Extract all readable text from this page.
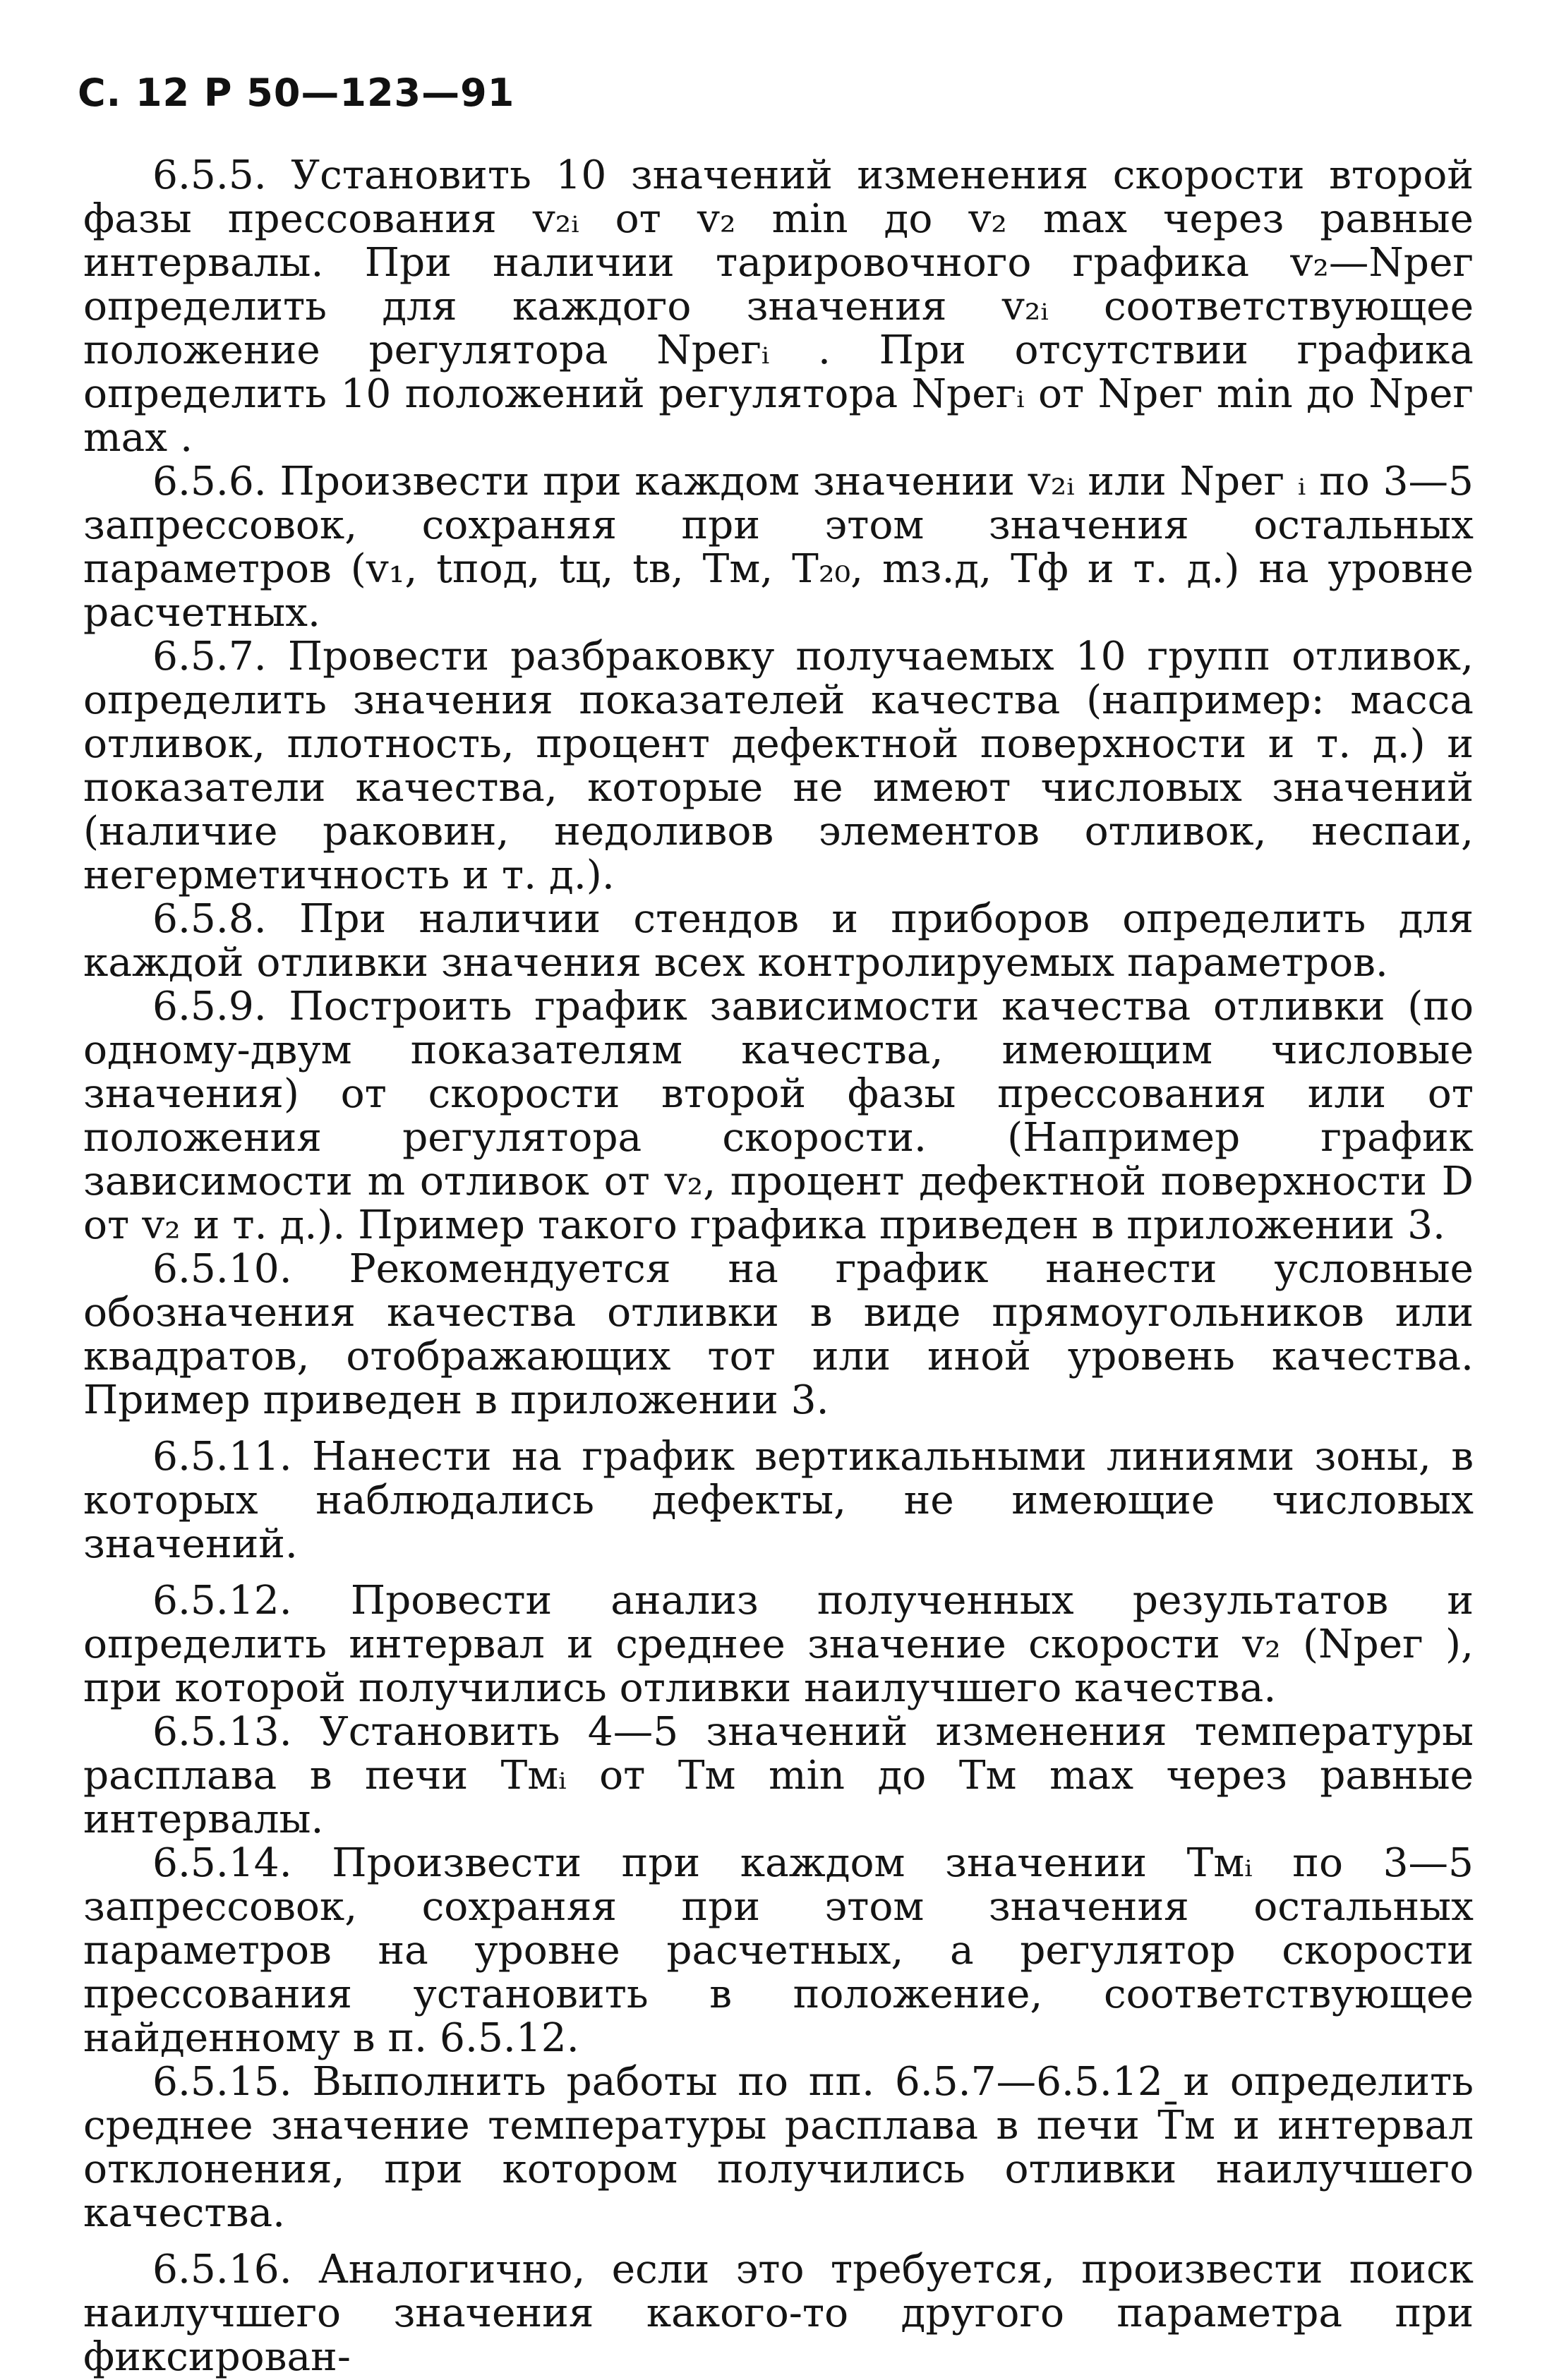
С. 12 Р 50—123—91

6.5.5. Установить 10 значений изменения скорости второй фазы прессования v₂ᵢ от v₂ min до v₂ max через равные интервалы. При наличии тарировочного графика v₂—Nрег определить для каждого значения v₂ᵢ соответствующее положение регулятора Nрегᵢ . При отсутствии графика определить 10 положений регулятора Nрегᵢ от Nрег min до Nрег max .

6.5.6. Произвести при каждом значении v₂ᵢ или Nрег ᵢ по 3—5 запрессовок, сохраняя при этом значения остальных параметров (v₁, tпод, tц, tв, Tм, T₂₀, mз.д, Tф и т. д.) на уровне расчетных.

6.5.7. Провести разбраковку получаемых 10 групп отливок, определить значения показателей качества (например: масса отливок, плотность, процент дефектной поверхности и т. д.) и показатели качества, которые не имеют числовых значений (наличие раковин, недоливов элементов отливок, неспаи, негерметичность и т. д.).

6.5.8. При наличии стендов и приборов определить для каждой отливки значения всех контролируемых параметров.

6.5.9. Построить график зависимости качества отливки (по одному-двум показателям качества, имеющим числовые значения) от скорости второй фазы прессования или от положения регулятора скорости. (Например график зависимости m отливок от v₂, процент дефектной поверхности D от v₂ и т. д.). Пример такого графика приведен в приложении 3.

6.5.10. Рекомендуется на график нанести условные обозначения качества отливки в виде прямоугольников или квадратов, отображающих тот или иной уровень качества. Пример приведен в приложении 3.

6.5.11. Нанести на график вертикальными линиями зоны, в которых наблюдались дефекты, не имеющие числовых значений.

6.5.12. Провести анализ полученных результатов и определить интервал и среднее значение скорости v₂ (Nрег ), при которой получились отливки наилучшего качества.

6.5.13. Установить 4—5 значений изменения температуры расплава в печи Tмᵢ от Tм min до Tм max через равные интервалы.

6.5.14. Произвести при каждом значении Tмᵢ по 3—5 запрессовок, сохраняя при этом значения остальных параметров на уровне расчетных, а регулятор скорости прессования установить в положение, соответствующее найденному в п. 6.5.12.

6.5.15. Выполнить работы по пп. 6.5.7—6.5.12 и определить среднее значение температуры расплава в печи T̄м и интервал отклонения, при котором получились отливки наилучшего качества.

6.5.16. Аналогично, если это требуется, произвести поиск наилучшего значения какого-то другого параметра при фиксирован-
